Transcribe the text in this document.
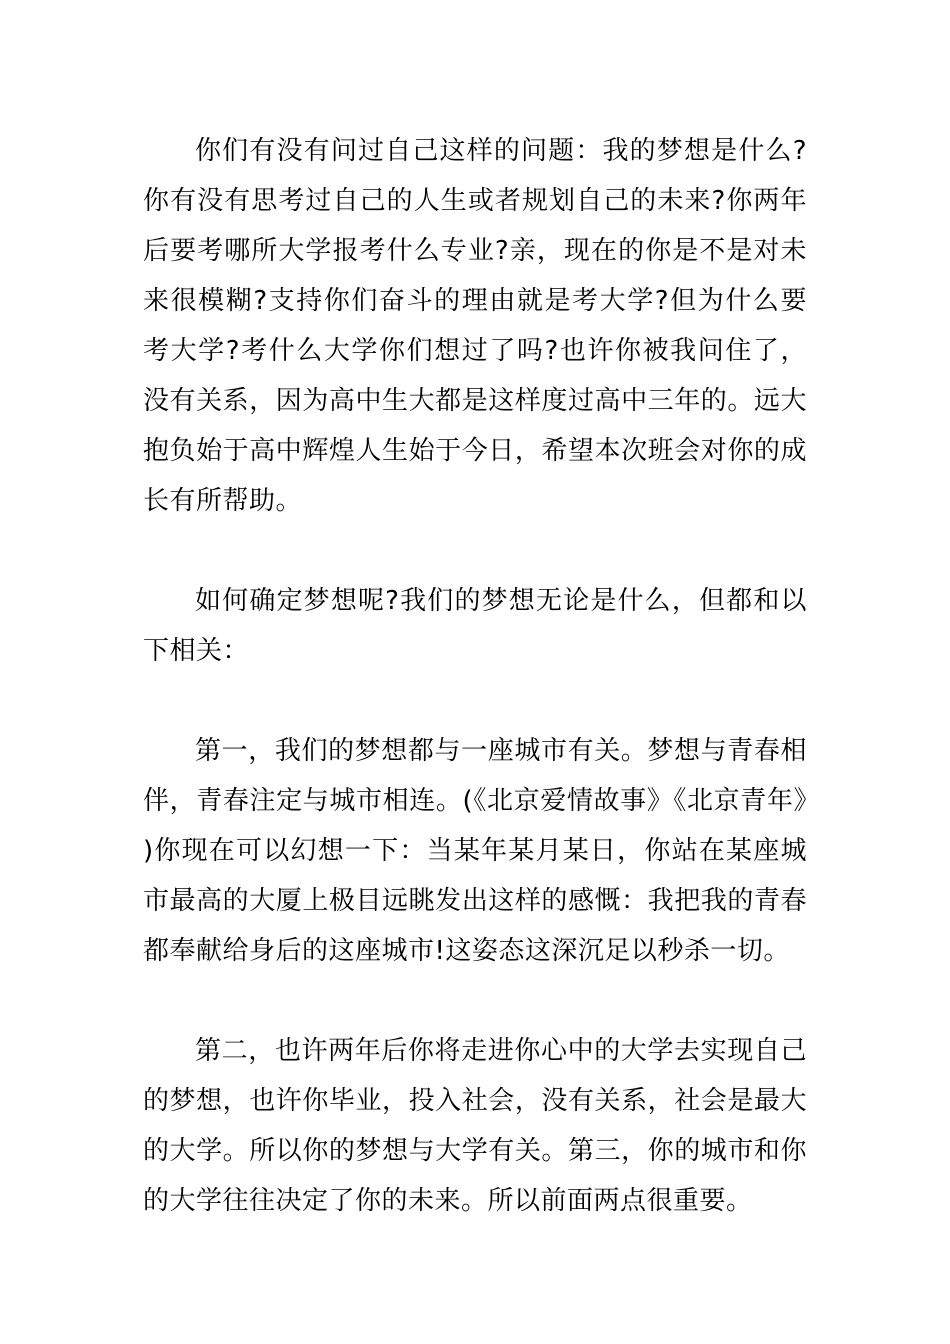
你们有没有问过自己这样的问题：我的梦想是什么?你有没有思考过自己的人生或者规划自己的未来?你两年后要考哪所大学报考什么专业?亲，现在的你是不是对未来很模糊?支持你们奋斗的理由就是考大学?但为什么要考大学?考什么大学你们想过了吗?也许你被我问住了，没有关系，因为高中生大都是这样度过高中三年的。远大抱负始于高中辉煌人生始于今日，希望本次班会对你的成长有所帮助。

如何确定梦想呢?我们的梦想无论是什么，但都和以下相关：

第一，我们的梦想都与一座城市有关。梦想与青春相伴，青春注定与城市相连。(《北京爱情故事》《北京青年》)你现在可以幻想一下：当某年某月某日，你站在某座城市最高的大厦上极目远眺发出这样的感慨：我把我的青春都奉献给身后的这座城市!这姿态这深沉足以秒杀一切。

第二，也许两年后你将走进你心中的大学去实现自己的梦想，也许你毕业，投入社会，没有关系，社会是最大的大学。所以你的梦想与大学有关。第三，你的城市和你的大学往往决定了你的未来。所以前面两点很重要。
